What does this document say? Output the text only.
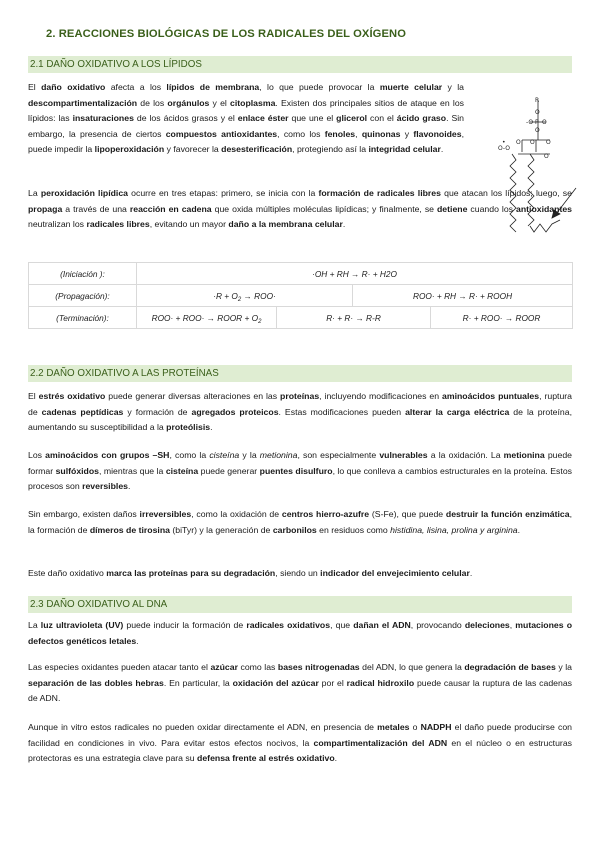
2. REACCIONES BIOLÓGICAS DE LOS RADICALES DEL OXÍGENO
2.1 DAÑO OXIDATIVO A LOS LÍPIDOS

El daño oxidativo afecta a los lípidos de membrana, lo que puede provocar la muerte celular y la descompartimentalización de los orgánulos y el citoplasma. Existen dos principales sitios de ataque en los lípidos: las insaturaciones de los ácidos grasos y el enlace éster que une el glicerol con el ácido graso. Sin embargo, la presencia de ciertos compuestos antioxidantes, como los fenoles, quinonas y flavonoides, puede impedir la lipoperoxidación y favorecer la desesterificación, protegiendo así la integridad celular.

R
-O P O
O
O
O O O
O
•
O-O

La peroxidación lipídica ocurre en tres etapas: primero, se inicia con la formación de radicales libres que atacan los lípidos; luego, se propaga a través de una reacción en cadena que oxida múltiples moléculas lipídicas; y finalmente, se detiene cuando los antioxidantes neutralizan los radicales libres, evitando un mayor daño a la membrana celular.

(Iniciación ):	·OH + RH → R· + H2O			
(Propagación):	$\cdot R + O_2 \to ROO\cdot$		ROO· + RH → R· + ROOH	
(Terminación):	ROO· + ROO· → ROOR + $O_2$	R· + R· → R-R		R· + ROO· → ROOR
2.2 DAÑO OXIDATIVO A LAS PROTEÍNAS

El estrés oxidativo puede generar diversas alteraciones en las proteínas, incluyendo modificaciones en aminoácidos puntuales, ruptura de cadenas peptídicas y formación de agregados proteicos. Estas modificaciones pueden alterar la carga eléctrica de la proteína, aumentando su susceptibilidad a la proteólisis.

Los aminoácidos con grupos –SH, como la cisteína y la metionina, son especialmente vulnerables a la oxidación. La metionina puede formar sulfóxidos, mientras que la cisteína puede generar puentes disulfuro, lo que conlleva a cambios estructurales en la proteína. Estos procesos son reversibles.

Sin embargo, existen daños irreversibles, como la oxidación de centros hierro-azufre (S-Fe), que puede destruir la función enzimática, la formación de dímeros de tirosina (biTyr) y la generación de carbonilos en residuos como histidina, lisina, prolina y arginina.

Este daño oxidativo marca las proteínas para su degradación, siendo un indicador del envejecimiento celular.

2.3 DAÑO OXIDATIVO AL DNA

La luz ultravioleta (UV) puede inducir la formación de radicales oxidativos, que dañan el ADN, provocando deleciones, mutaciones o defectos genéticos letales.

Las especies oxidantes pueden atacar tanto el azúcar como las bases nitrogenadas del ADN, lo que genera la degradación de bases y la separación de las dobles hebras. En particular, la oxidación del azúcar por el radical hidroxilo puede causar la ruptura de las cadenas de ADN.

Aunque in vitro estos radicales no pueden oxidar directamente el ADN, en presencia de metales o NADPH el daño puede producirse con facilidad en condiciones in vivo. Para evitar estos efectos nocivos, la compartimentalización del ADN en el núcleo o en estructuras protectoras es una estrategia clave para su defensa frente al estrés oxidativo.
